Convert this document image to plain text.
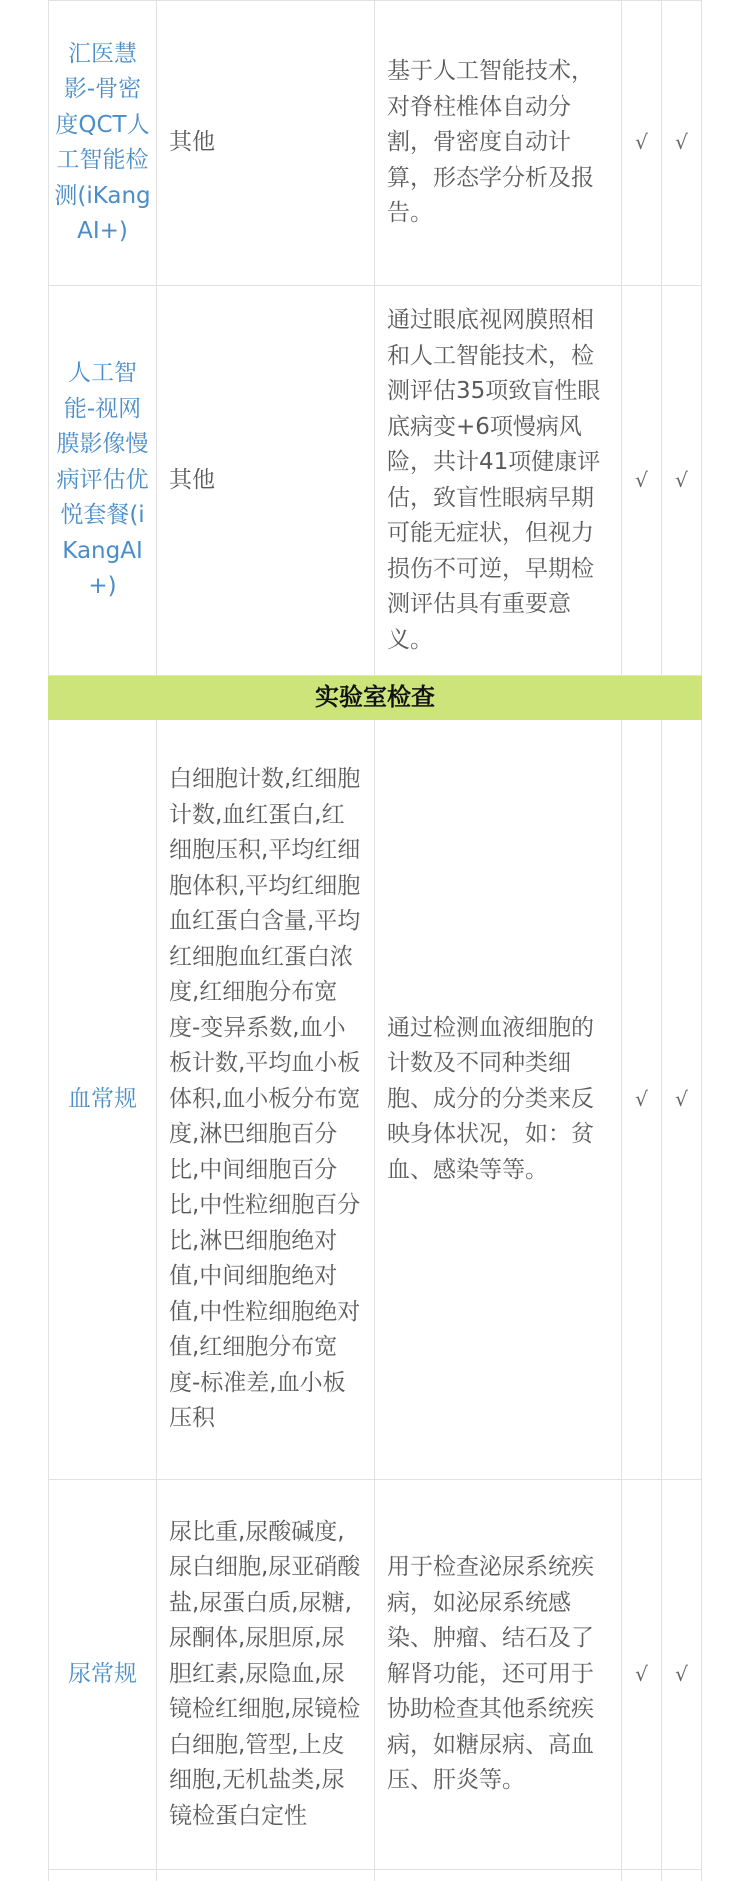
汇医慧影-骨密度QCT人工智能检测(iKangAI+)	其他	基于人工智能技术，对脊柱椎体自动分割，骨密度自动计算，形态学分析及报告。	√	√
人工智能-视网膜影像慢病评估优悦套餐(iKangAI+)	其他	通过眼底视网膜照相和人工智能技术，检测评估35项致盲性眼底病变+6项慢病风险，共计41项健康评估，致盲性眼病早期可能无症状，但视力损伤不可逆，早期检测评估具有重要意义。	√	√
实验室检查				
血常规	白细胞计数,红细胞计数,血红蛋白,红细胞压积,平均红细胞体积,平均红细胞血红蛋白含量,平均红细胞血红蛋白浓度,红细胞分布宽度-变异系数,血小板计数,平均血小板体积,血小板分布宽度,淋巴细胞百分比,中间细胞百分比,中性粒细胞百分比,淋巴细胞绝对值,中间细胞绝对值,中性粒细胞绝对值,红细胞分布宽度-标准差,血小板压积	通过检测血液细胞的计数及不同种类细胞、成分的分类来反映身体状况，如：贫血、感染等等。	√	√
尿常规	尿比重,尿酸碱度,尿白细胞,尿亚硝酸盐,尿蛋白质,尿糖,尿酮体,尿胆原,尿胆红素,尿隐血,尿镜检红细胞,尿镜检白细胞,管型,上皮细胞,无机盐类,尿镜检蛋白定性	用于检查泌尿系统疾病，如泌尿系统感染、肿瘤、结石及了解肾功能，还可用于协助检查其他系统疾病，如糖尿病、高血压、肝炎等。	√	√
